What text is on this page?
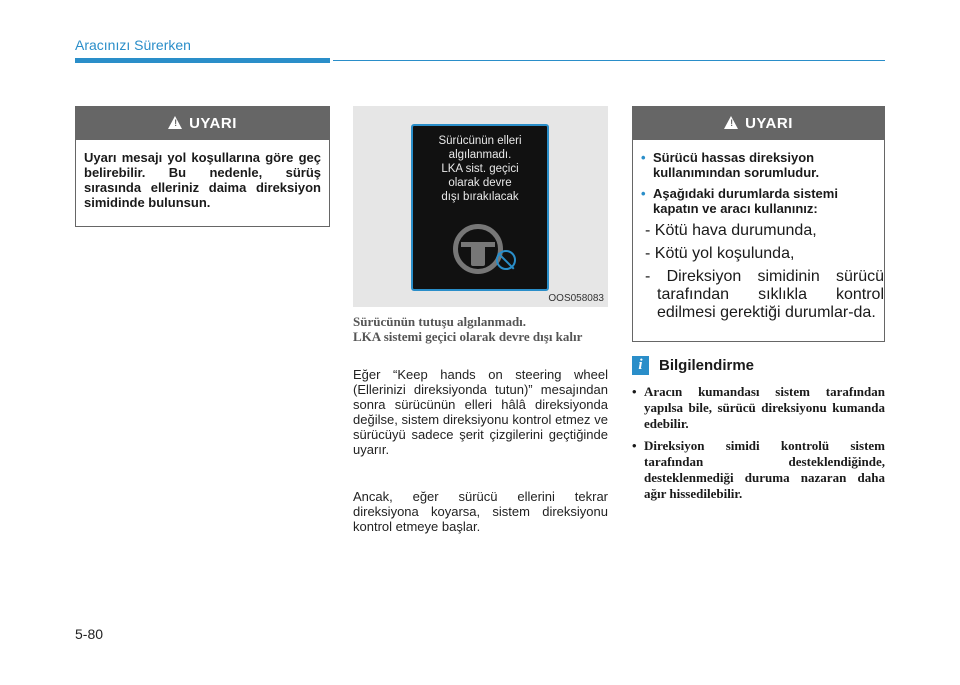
Aracınızı Sürerken
! UYARI
Uyarı mesajı yol koşullarına göre geç belirebilir. Bu nedenle, sürüş sırasında elleriniz daima direksiyon simidinde bulunsun.
Sürücünün elleri
algılanmadı.
LKA sist. geçici
olarak devre
dışı bırakılacak
OOS058083
Sürücünün tutuşu algılanmadı.
LKA sistemi geçici olarak devre dışı kalır
Eğer “Keep hands on steering wheel (Ellerinizi direksiyonda tutun)” mesajından sonra sürücünün elleri hâlâ direksiyonda değilse, sistem direksiyonu kontrol etmez ve sürücüyü sadece şerit çizgilerini geçtiğinde uyarır.
Ancak, eğer sürücü ellerini tekrar direksiyona koyarsa, sistem direksiyonu kontrol etmeye başlar.
! UYARI
• Sürücü hassas direksiyon kullanımından sorumludur.
• Aşağıdaki durumlarda sistemi kapatın ve aracı kullanınız:
- Kötü hava durumunda,
- Kötü yol koşulunda,
- Direksiyon simidinin sürücü tarafından sıklıkla kontrol edilmesi gerektiği durumlar-da.
i	Bilgilendirme
• Aracın kumandası sistem tarafından yapılsa bile, sürücü direksiyonu kumanda edebilir.
• Direksiyon simidi kontrolü sistem tarafından desteklendiğinde, desteklenmediği duruma nazaran daha ağır hissedilebilir.
5-80
